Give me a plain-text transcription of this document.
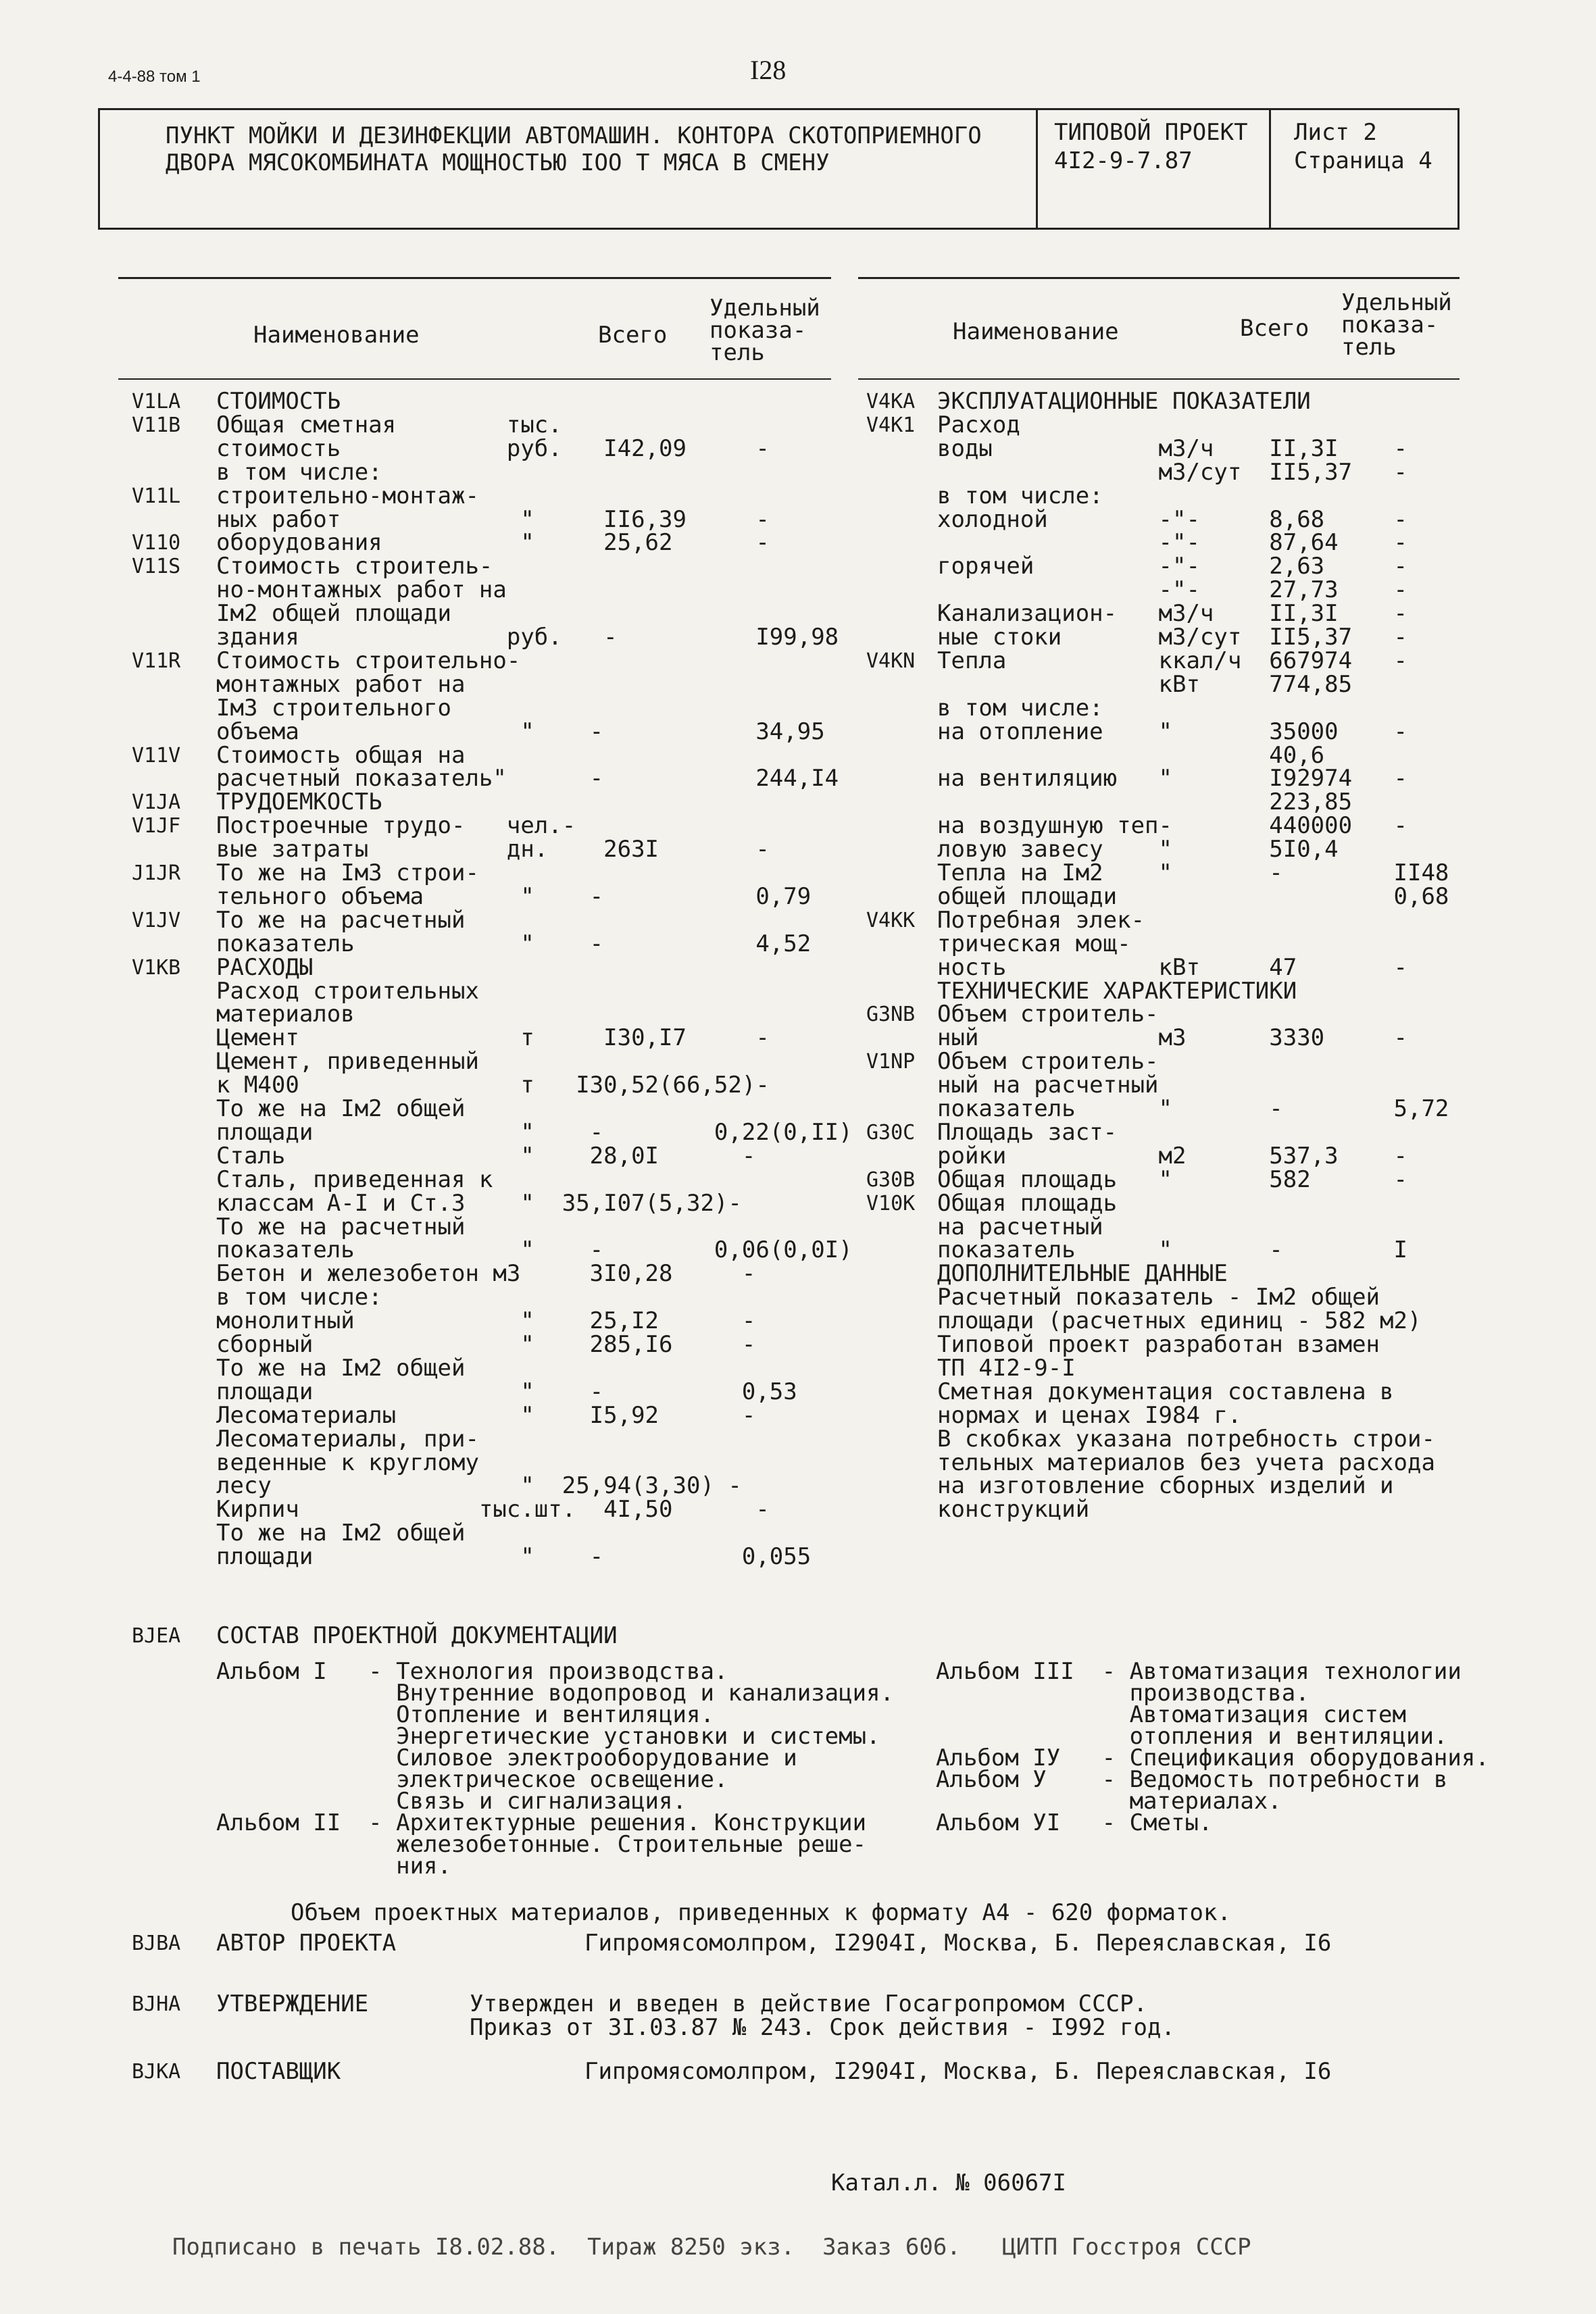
4-4-88 том 1	I28
ПУНКТ МОЙКИ И ДЕЗИНФЕКЦИИ АВТОМАШИН. КОНТОРА СКОТОПРИЕМНОГО
ДВОРА МЯСОКОМБИНАТА МОЩНОСТЬЮ IOO Т МЯСА В СМЕНУ
ТИПОВОЙ ПРОЕКТ
4I2-9-7.87
Лист 2
Страница 4
Наименование	Всего
Удельный
показа-
тель
Наименование	Всего
Удельный
показа-
тель
V1LA СТОИМОСТЬ
V11B Общая сметная        тыс.
стоимость            руб.   I42,09     -
в том числе:
V11L строительно-монтаж-
ных работ             "     II6,39     -
V110 оборудования          "     25,62      -
V11S Стоимость строитель-
но-монтажных работ на
Iм2 общей площади
здания               руб.   -          I99,98
V11R Стоимость строительно-
монтажных работ на
Iм3 строительного
объема                "    -           34,95
V11V Стоимость общая на
расчетный показатель"      -           244,I4
V1JA ТРУДОЕМКОСТЬ
V1JF Построечные трудо-   чел.-
вые затраты          дн.    263I       -
J1JR То же на Iм3 строи-
тельного объема       "    -           0,79
V1JV То же на расчетный
показатель            "    -           4,52
V1KB РАСХОДЫ
Расход строительных
материалов
Цемент                т     I30,I7     -
Цемент, приведенный
к М400                т   I30,52(66,52)-
То же на Iм2 общей
площади               "    -        0,22(0,II)
Сталь                 "    28,0I      -
Сталь, приведенная к
классам А-I и Ст.3    "  35,I07(5,32)-
То же на расчетный
показатель            "    -        0,06(0,0I)
Бетон и железобетон м3     3I0,28     -
в том числе:
монолитный            "    25,I2      -
сборный               "    285,I6     -
То же на Iм2 общей
площади               "    -          0,53
Лесоматериалы         "    I5,92      -
Лесоматериалы, при-
веденные к круглому
лесу                  "  25,94(3,30) -
Кирпич             тыс.шт.  4I,50      -
То же на Iм2 общей
площади               "    -          0,055
V4KA ЭКСПЛУАТАЦИОННЫЕ ПОКАЗАТЕЛИ
V4K1 Расход
воды            м3/ч    II,3I    -
м3/сут  II5,37   -
в том числе:
холодной        -"-     8,68     -
-"-     87,64    -
горячей         -"-     2,63     -
-"-     27,73    -
Канализацион-   м3/ч    II,3I    -
ные стоки       м3/сут  II5,37   -
V4KN Тепла           ккал/ч  667974   -
кВт     774,85
в том числе:
на отопление    "       35000    -
40,6
на вентиляцию   "       I92974   -
223,85
на воздушную теп-       440000   -
ловую завесу    "       5I0,4
Тепла на Iм2    "       -        II48
общей площади                    0,68
V4KK Потребная элек-
трическая мощ-
ность           кВт     47       -
ТЕХНИЧЕСКИЕ ХАРАКТЕРИСТИКИ
G3NB Объем строитель-
ный             м3      3330     -
V1NP Объем строитель-
ный на расчетный
показатель      "       -        5,72
G30C Площадь заст-
ройки           м2      537,3    -
G30B Общая площадь   "       582      -
V10K Общая площадь
на расчетный
показатель      "       -        I
ДОПОЛНИТЕЛЬНЫЕ ДАННЫЕ
Расчетный показатель - Iм2 общей
площади (расчетных единиц - 582 м2)
Типовой проект разработан взамен
ТП 4I2-9-I
Сметная документация составлена в
нормах и ценах I984 г.
В скобках указана потребность строи-
тельных материалов без учета расхода
на изготовление сборных изделий и
конструкций
BJEA СОСТАВ ПРОЕКТНОЙ ДОКУМЕНТАЦИИ
Альбом I   - Технология производства.
Внутренние водопровод и канализация.
Отопление и вентиляция.
Энергетические установки и системы.
Силовое электрооборудование и
электрическое освещение.
Связь и сигнализация.
Альбом II  - Архитектурные решения. Конструкции
железобетонные. Строительные реше-
ния.
Альбом III  - Автоматизация технологии
производства.
Автоматизация систем
отопления и вентиляции.
Альбом IУ   - Спецификация оборудования.
Альбом У    - Ведомость потребности в
материалах.
Альбом УI   - Сметы.
Объем проектных материалов, приведенных к формату А4 - 620 форматок.
BJBA АВТОР ПРОЕКТА	Гипромясомолпром, I2904I, Москва, Б. Переяславская, I6
BJHA УТВЕРЖДЕНИЕ	Утвержден и введен в действие Госагропромом СССР.
Приказ от 3I.03.87 № 243. Срок действия - I992 год.
BJKA ПОСТАВЩИК	Гипромясомолпром, I2904I, Москва, Б. Переяславская, I6
Катал.л. № 06067I
Подписано в печать I8.02.88.  Тираж 8250 экз.  Заказ 606.   ЦИТП Госстроя СССР
